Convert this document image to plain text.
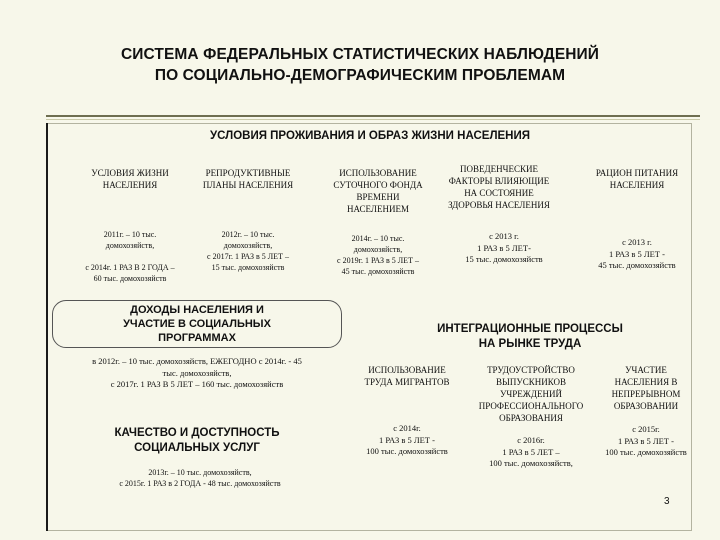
СИСТЕМА ФЕДЕРАЛЬНЫХ СТАТИСТИЧЕСКИХ НАБЛЮДЕНИЙ
ПО СОЦИАЛЬНО-ДЕМОГРАФИЧЕСКИМ ПРОБЛЕМАМ
УСЛОВИЯ ПРОЖИВАНИЯ И ОБРАЗ ЖИЗНИ НАСЕЛЕНИЯ
УСЛОВИЯ ЖИЗНИ
НАСЕЛЕНИЯ
2011г. – 10 тыс.
домохозяйств,
с 2014г. 1 РАЗ В 2 ГОДА –
60 тыс. домохозяйств
РЕПРОДУКТИВНЫЕ
ПЛАНЫ НАСЕЛЕНИЯ
2012г. – 10 тыс.
домохозяйств,
с 2017г. 1 РАЗ в 5 ЛЕТ –
15 тыс. домохозяйств
ИСПОЛЬЗОВАНИЕ
СУТОЧНОГО ФОНДА
ВРЕМЕНИ
НАСЕЛЕНИЕМ
2014г. – 10 тыс.
домохозяйств,
с 2019г. 1 РАЗ в 5 ЛЕТ –
45 тыс. домохозяйств
ПОВЕДЕНЧЕСКИЕ
ФАКТОРЫ ВЛИЯЮЩИЕ
НА СОСТОЯНИЕ
ЗДОРОВЬЯ НАСЕЛЕНИЯ
с 2013 г.
1 РАЗ в 5 ЛЕТ-
15 тыс. домохозяйств
РАЦИОН ПИТАНИЯ
НАСЕЛЕНИЯ
с 2013 г.
1 РАЗ в 5 ЛЕТ -
45 тыс. домохозяйств
ДОХОДЫ НАСЕЛЕНИЯ И
УЧАСТИЕ В СОЦИАЛЬНЫХ
ПРОГРАММАХ
в 2012г. – 10 тыс. домохозяйств, ЕЖЕГОДНО с 2014г. - 45
тыс. домохозяйств,
с 2017г. 1 РАЗ В 5 ЛЕТ – 160 тыс. домохозяйств
КАЧЕСТВО И ДОСТУПНОСТЬ
СОЦИАЛЬНЫХ УСЛУГ
2013г. – 10 тыс. домохозяйств,
с 2015г. 1 РАЗ в 2 ГОДА - 48 тыс. домохозяйств
ИНТЕГРАЦИОННЫЕ ПРОЦЕССЫ
НА РЫНКЕ ТРУДА
ИСПОЛЬЗОВАНИЕ
ТРУДА МИГРАНТОВ
с 2014г.
1 РАЗ в 5 ЛЕТ -
100 тыс. домохозяйств
ТРУДОУСТРОЙСТВО
ВЫПУСКНИКОВ
УЧРЕЖДЕНИЙ
ПРОФЕССИОНАЛЬНОГО
ОБРАЗОВАНИЯ
с 2016г.
1 РАЗ в 5 ЛЕТ –
100 тыс. домохозяйств,
УЧАСТИЕ
НАСЕЛЕНИЯ В
НЕПРЕРЫВНОМ
ОБРАЗОВАНИИ
с 2015г.
1 РАЗ в 5 ЛЕТ -
100 тыс. домохозяйств
3
